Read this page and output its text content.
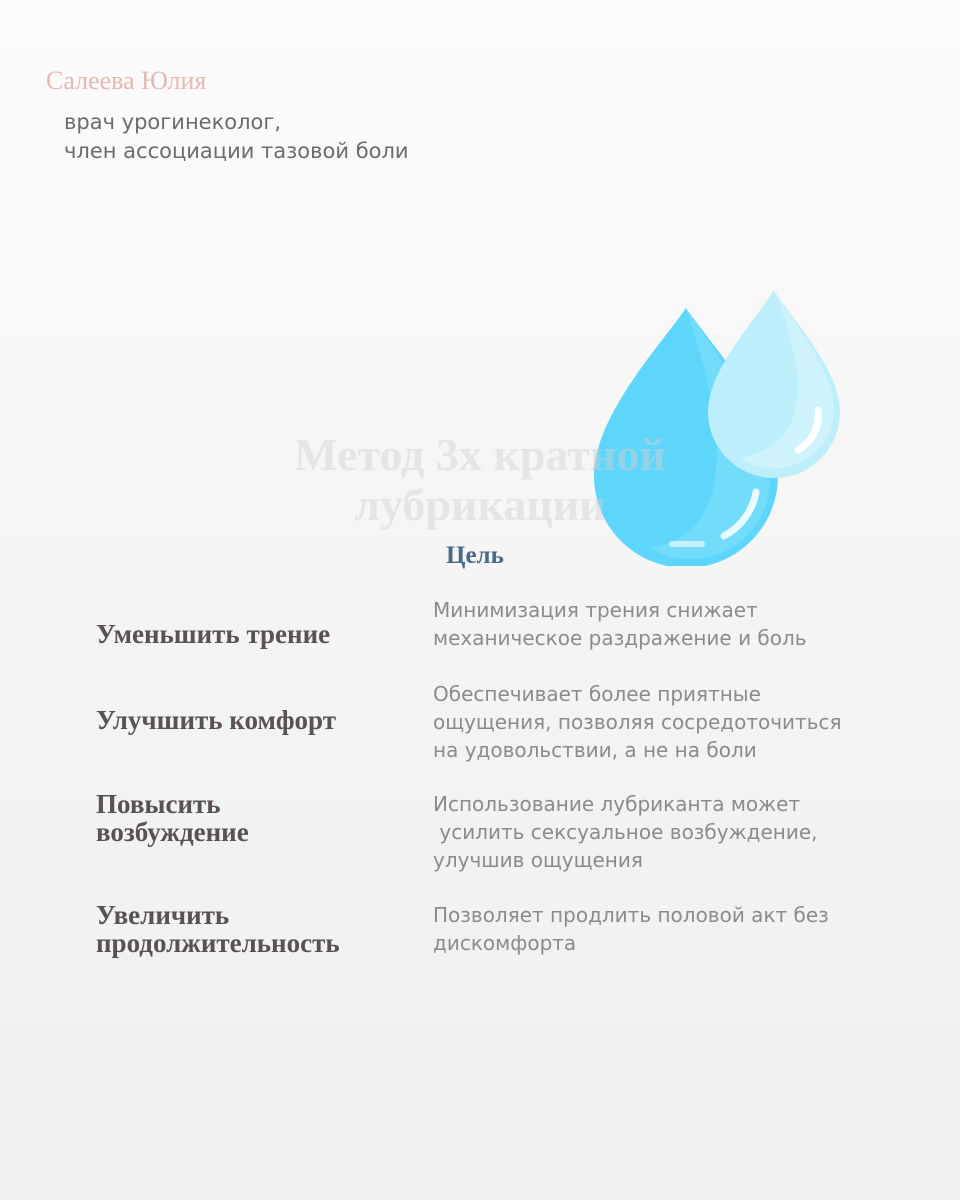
Салеева Юлия

врач урогинеколог,
член ассоциации тазовой боли

Метод 3х кратной
лубрикации
Цель

Уменьшить трение

Минимизация трения снижает
механическое раздражение и боль

Улучшить комфорт

Обеспечивает более приятные
ощущения, позволяя сосредоточиться
на удовольствии, а не на боли

Повысить
возбуждение

Использование лубриканта может
усилить сексуальное возбуждение,
улучшив ощущения

Увеличить
продолжительность

Позволяет продлить половой акт без
дискомфорта
